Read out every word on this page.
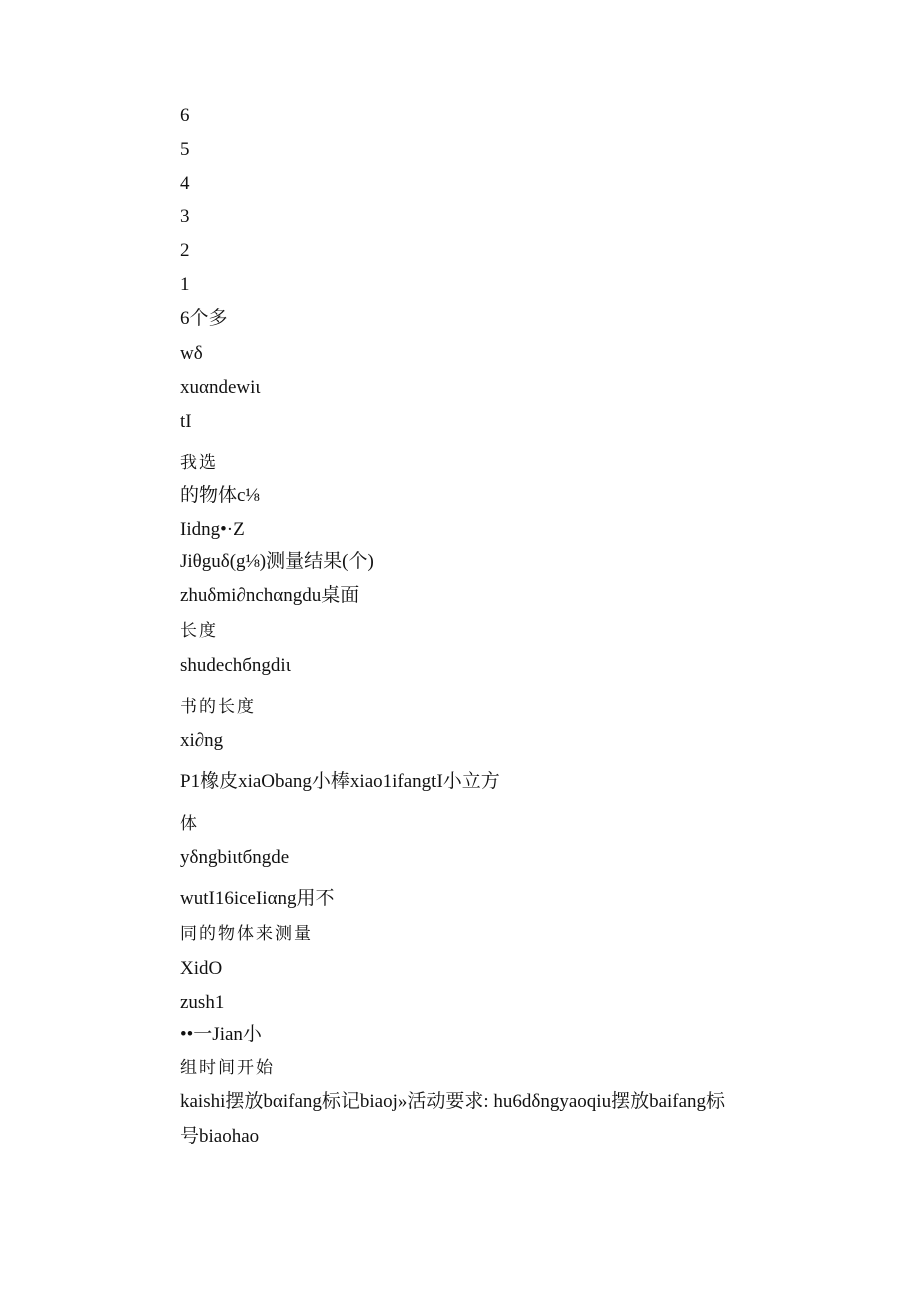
6
5
4
3
2
1
6个多
wδ
xuαndewiι
tI
我选
的物体c⅛
Iidng•·Z
Jiθguδ(g⅛)测量结果(个)
zhuδmi∂nchαngdu桌面
长度
shudechбngdiι
书的长度
xi∂ng
P1橡皮xiaObang小棒xiao1ifangtI小立方
体
yδngbiιtбngde
wutI16iceIiαng用不
同的物体来测量
XidO
zush1
••一Jian小
组时间开始
kaishi摆放bαifang标记biaoj»活动要求: hu6dδngyaoqiu摆放baifang标
号biaohao
